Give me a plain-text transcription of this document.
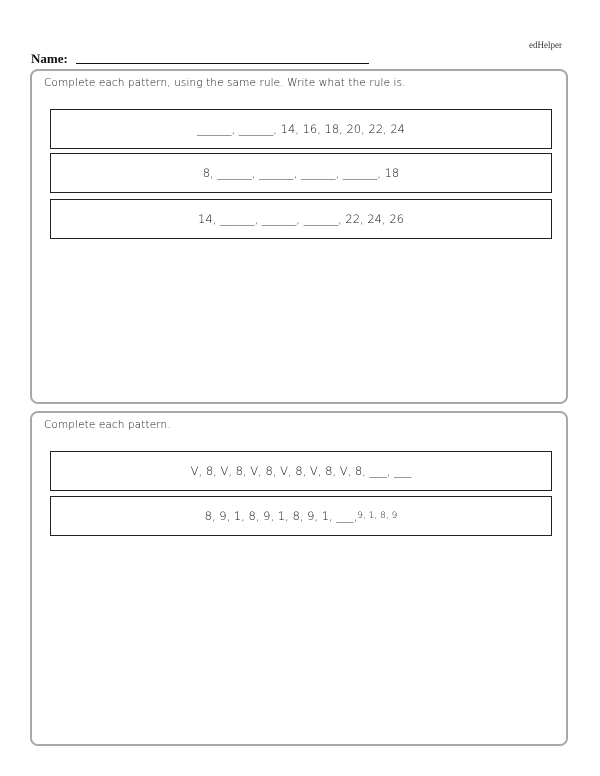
edHelper
Name:
Complete each pattern, using the same rule. Write what the rule is.
______, ______, 14, 16, 18, 20, 22, 24
8, ______, ______, ______, ______, 18
14, ______, ______, ______, 22, 24, 26
Complete each pattern.
V, 8, V, 8, V, 8, V, 8, V, 8, V, 8, ___, ___
8, 9, 1, 8, 9, 1, 8, 9, 1, ___, 9, 1, 8, 9
